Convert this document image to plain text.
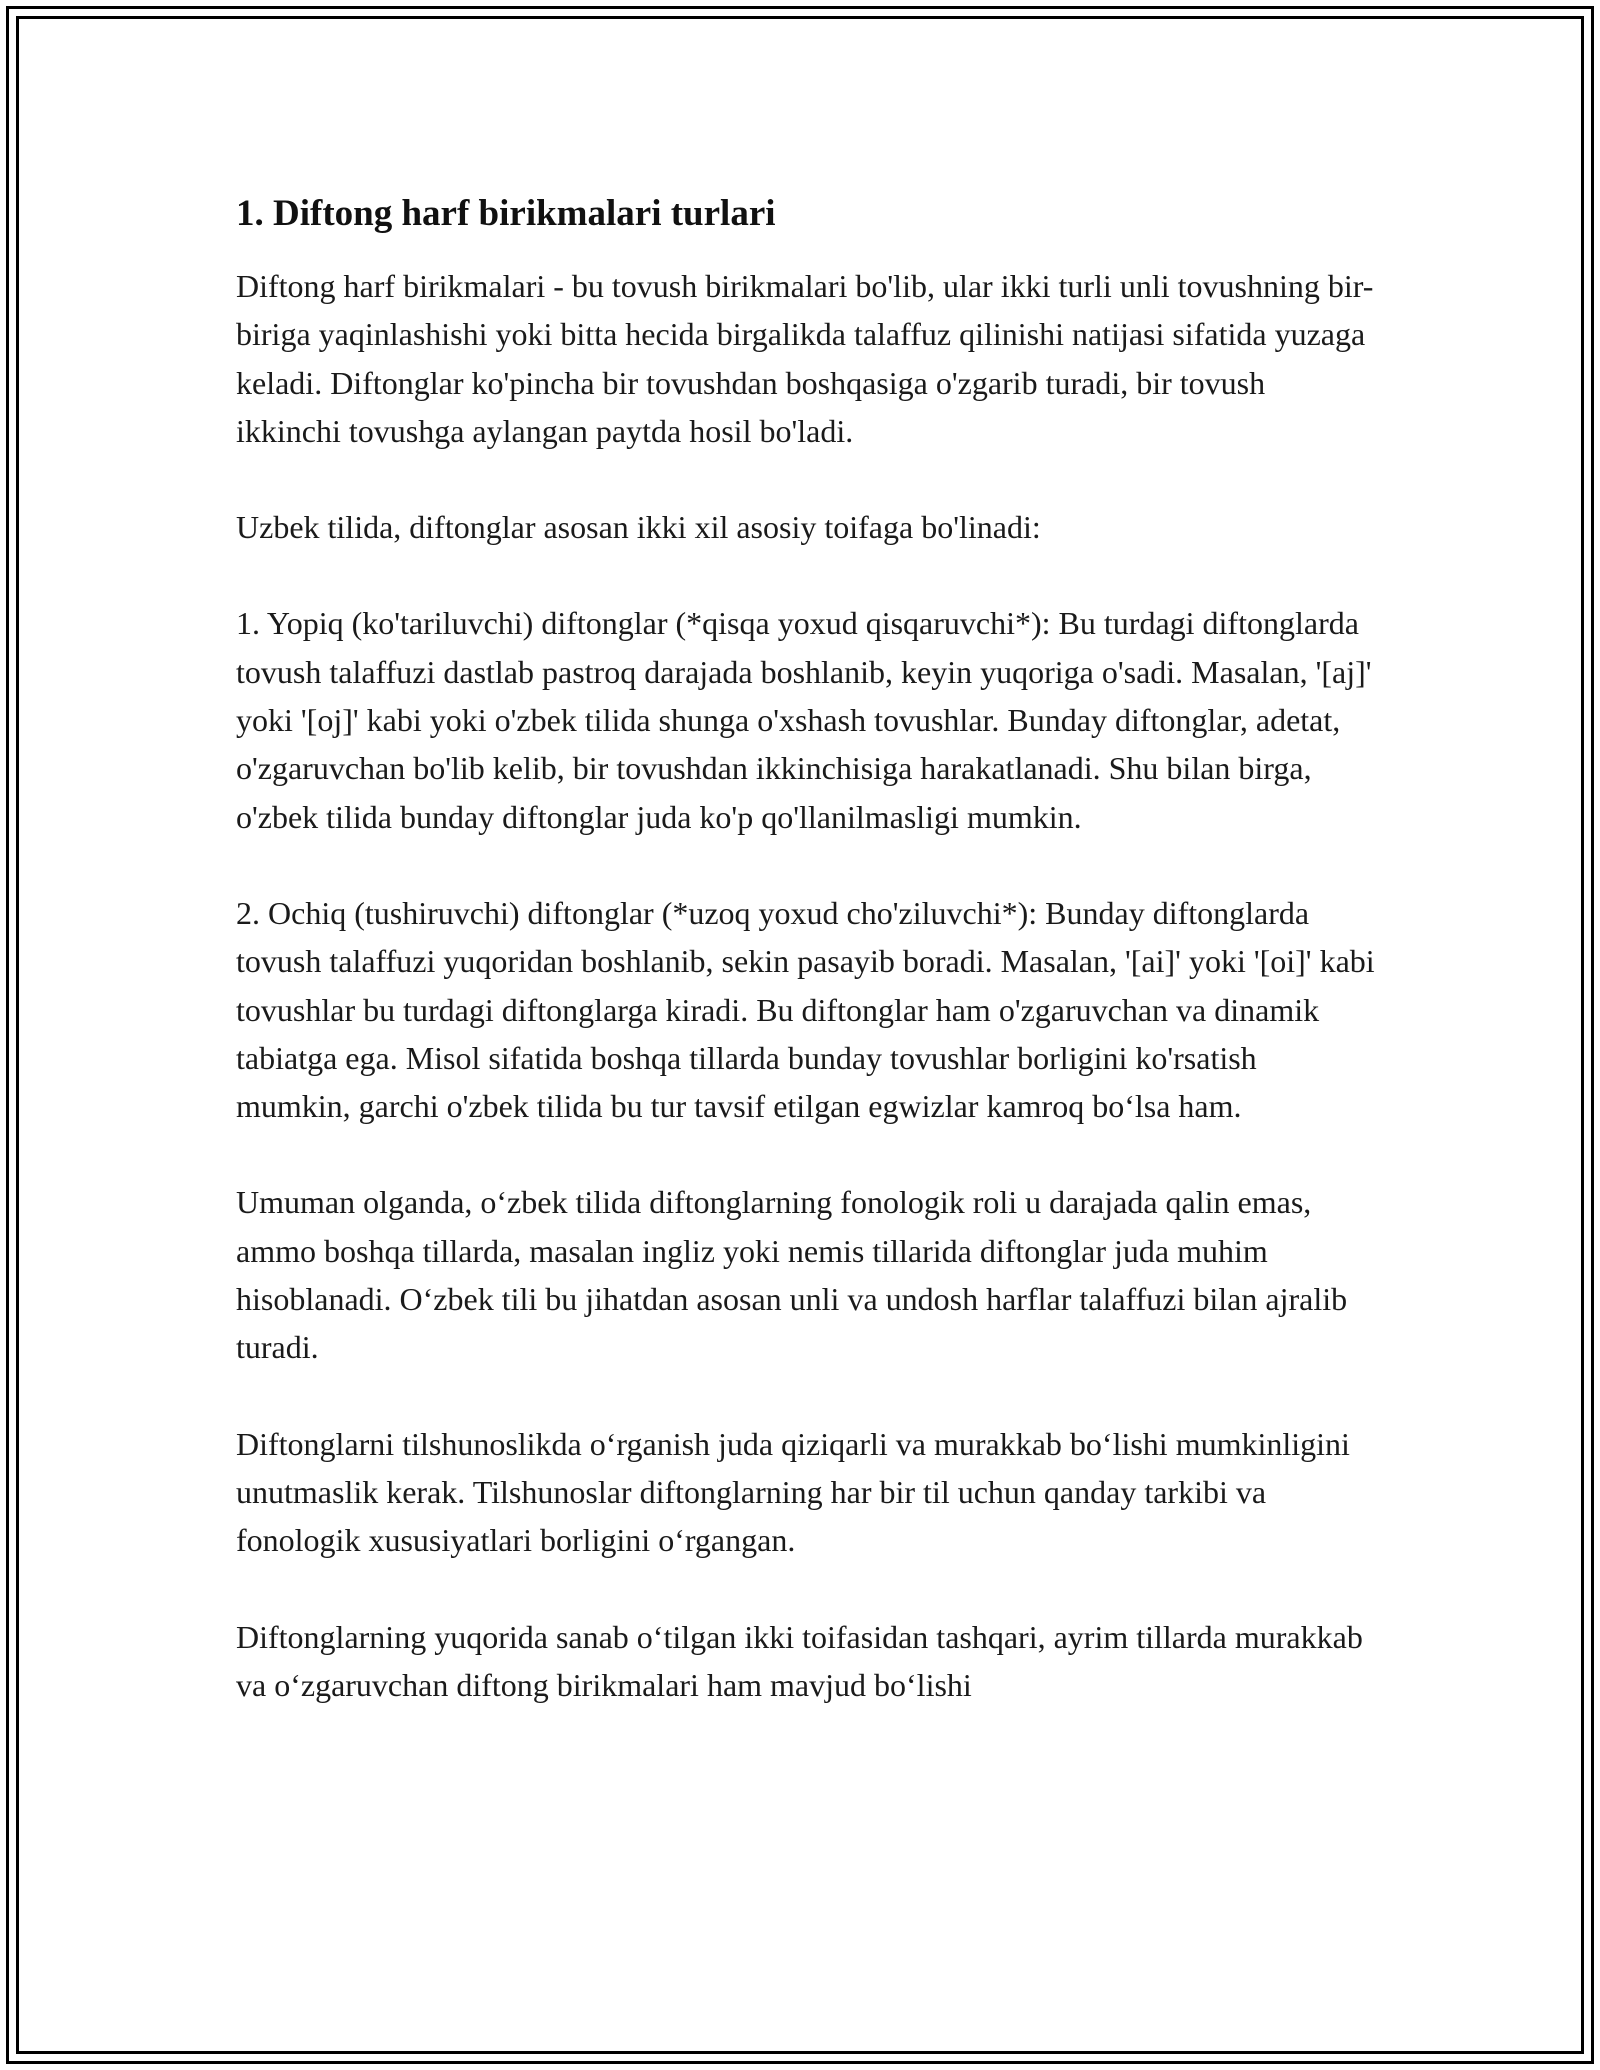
1. Diftong harf birikmalari turlari

Diftong harf birikmalari - bu tovush birikmalari bo'lib, ular ikki turli unli tovushning bir-biriga yaqinlashishi yoki bitta hecida birgalikda talaffuz qilinishi natijasi sifatida yuzaga keladi. Diftonglar ko'pincha bir tovushdan boshqasiga o'zgarib turadi, bir tovush ikkinchi tovushga aylangan paytda hosil bo'ladi.

Uzbek tilida, diftonglar asosan ikki xil asosiy toifaga bo'linadi:

1. Yopiq (ko'tariluvchi) diftonglar (*qisqa yoxud qisqaruvchi*): Bu turdagi diftonglarda tovush talaffuzi dastlab pastroq darajada boshlanib, keyin yuqoriga o'sadi. Masalan, '[aj]' yoki '[oj]' kabi yoki o'zbek tilida shunga o'xshash tovushlar. Bunday diftonglar, adetat, o'zgaruvchan bo'lib kelib, bir tovushdan ikkinchisiga harakatlanadi. Shu bilan birga, o'zbek tilida bunday diftonglar juda ko'p qo'llanilmasligi mumkin.

2. Ochiq (tushiruvchi) diftonglar (*uzoq yoxud cho'ziluvchi*): Bunday diftonglarda tovush talaffuzi yuqoridan boshlanib, sekin pasayib boradi. Masalan, '[ai]' yoki '[oi]' kabi tovushlar bu turdagi diftonglarga kiradi. Bu diftonglar ham o'zgaruvchan va dinamik tabiatga ega. Misol sifatida boshqa tillarda bunday tovushlar borligini ko'rsatish mumkin, garchi o'zbek tilida bu tur tavsif etilgan egwizlar kamroq bo‘lsa ham.

Umuman olganda, o‘zbek tilida diftonglarning fonologik roli u darajada qalin emas, ammo boshqa tillarda, masalan ingliz yoki nemis tillarida diftonglar juda muhim hisoblanadi. O‘zbek tili bu jihatdan asosan unli va undosh harflar talaffuzi bilan ajralib turadi.

Diftonglarni tilshunoslikda o‘rganish juda qiziqarli va murakkab bo‘lishi mumkinligini unutmaslik kerak. Tilshunoslar diftonglarning har bir til uchun qanday tarkibi va fonologik xususiyatlari borligini o‘rgangan.

Diftonglarning yuqorida sanab o‘tilgan ikki toifasidan tashqari, ayrim tillarda murakkab va o‘zgaruvchan diftong birikmalari ham mavjud bo‘lishi
